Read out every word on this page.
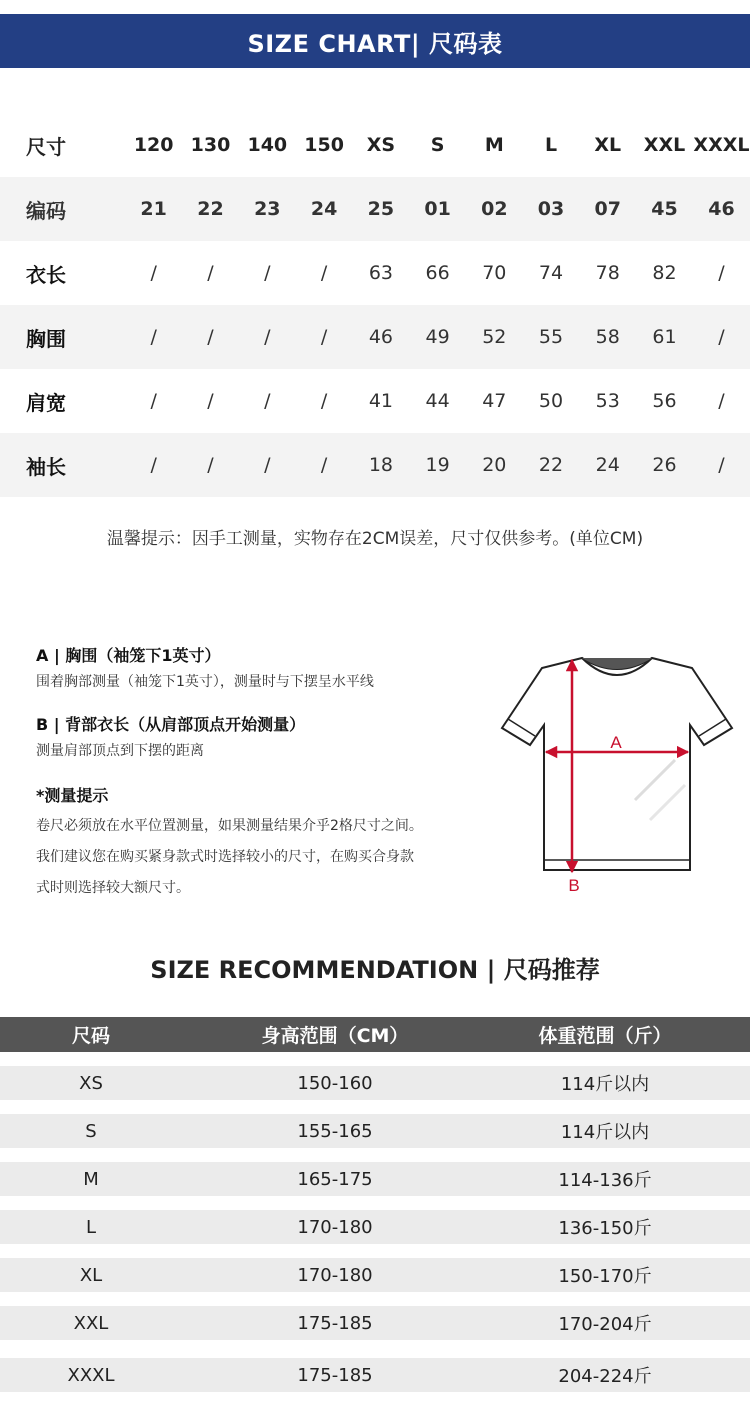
SIZE CHART| 尺码表
尺寸	120	130	140	150	XS	S	M	L	XL	XXL	XXXL
编码	21	22	23	24	25	01	02	03	07	45	46
衣长	/	/	/	/	63	66	70	74	78	82	/
胸围	/	/	/	/	46	49	52	55	58	61	/
肩宽	/	/	/	/	41	44	47	50	53	56	/
袖长	/	/	/	/	18	19	20	22	24	26	/
温馨提示：因手工测量，实物存在2CM误差，尺寸仅供参考。(单位CM)

A | 胸围（袖笼下1英寸）

围着胸部测量（袖笼下1英寸），测量时与下摆呈水平线

B | 背部衣长（从肩部顶点开始测量）

测量肩部顶点到下摆的距离

*测量提示

卷尺必须放在水平位置测量，如果测量结果介乎2格尺寸之间。

我们建议您在购买紧身款式时选择较小的尺寸，在购买合身款

式时则选择较大额尺寸。

A
B
SIZE RECOMMENDATION | 尺码推荐
尺码	身高范围（CM）	体重范围（斤）
XS	150-160	114斤以内
S	155-165	114斤以内
M	165-175	114-136斤
L	170-180	136-150斤
XL	170-180	150-170斤
XXL	175-185	170-204斤
XXXL	175-185	204-224斤
